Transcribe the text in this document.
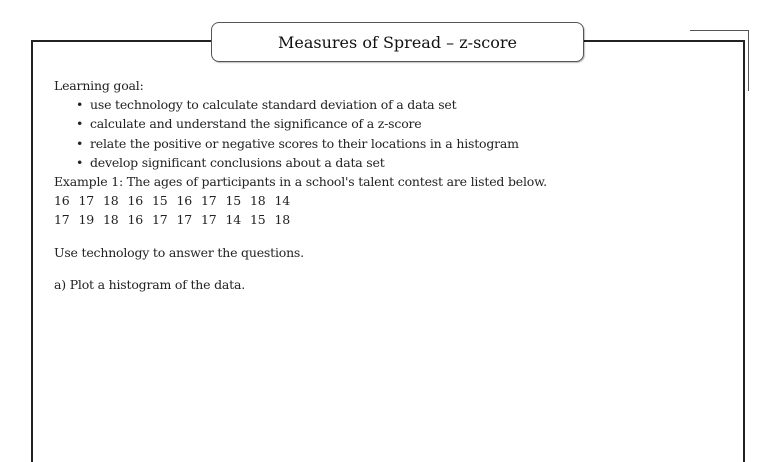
Measures of Spread – z-score
Learning goal:
• use technology to calculate standard deviation of a data set
• calculate and understand the significance of a z-score
• relate the positive or negative scores to their locations in a histogram
• develop significant conclusions about a data set
Example 1: The ages of participants in a school's talent contest are listed below.
16 17 18 16 15 16 17 15 18 14
17 19 18 16 17 17 17 14 15 18
Use technology to answer the questions.
a) Plot a histogram of the data.
